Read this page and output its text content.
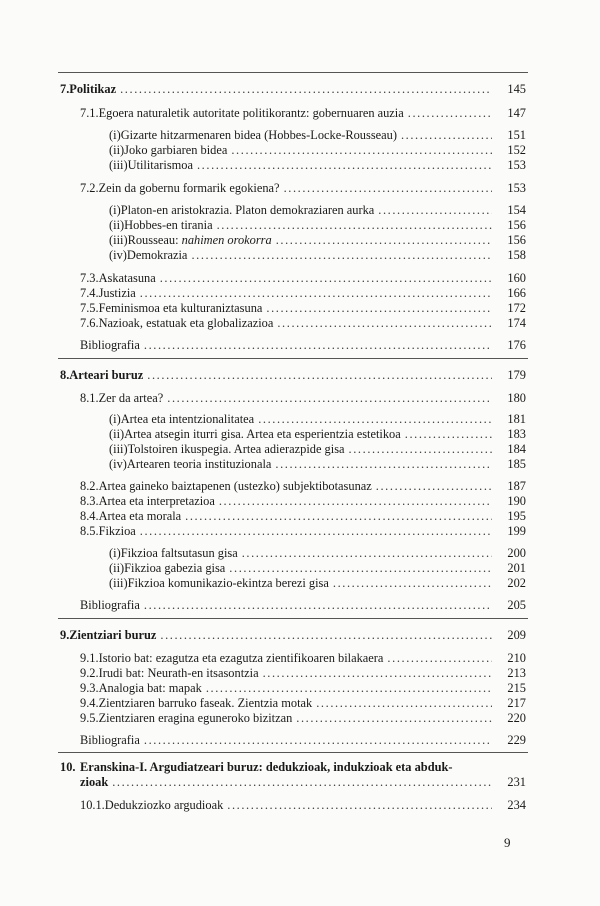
7. Politikaz .....	145
7.1. Egoera naturaletik autoritate politikorantz: gobernuaren auzia .....	147
(i) Gizarte hitzarmenaren bidea (Hobbes-Locke-Rousseau) .....	151
(ii) Joko garbiaren bidea .....	152
(iii) Utilitarismoa .....	153
7.2. Zein da gobernu formarik egokiena? .....	153
(i) Platon-en aristokrazia. Platon demokraziaren aurka .....	154
(ii) Hobbes-en tirania .....	156
(iii) Rousseau: nahimen orokorra .....	156
(iv) Demokrazia .....	158
7.3. Askatasuna .....	160
7.4. Justizia .....	166
7.5. Feminismoa eta kulturaniztasuna .....	172
7.6. Nazioak, estatuak eta globalizazioa .....	174
Bibliografia .....	176
8. Arteari buruz .....	179
8.1. Zer da artea? .....	180
(i) Artea eta intentzionalitatea .....	181
(ii) Artea atsegin iturri gisa. Artea eta esperientzia estetikoa .....	183
(iii) Tolstoiren ikuspegia. Artea adierazpide gisa .....	184
(iv) Artearen teoria instituzionala .....	185
8.2. Artea gaineko baiztapenen (ustezko) subjektibotasunaz .....	187
8.3. Artea eta interpretazioa .....	190
8.4. Artea eta morala .....	195
8.5. Fikzioa .....	199
(i) Fikzioa faltsutasun gisa .....	200
(ii) Fikzioa gabezia gisa .....	201
(iii) Fikzioa komunikazio-ekintza berezi gisa .....	202
Bibliografia .....	205
9. Zientziari buruz .....	209
9.1. Istorio bat: ezagutza eta ezagutza zientifikoaren bilakaera .....	210
9.2. Irudi bat: Neurath-en itsasontzia .....	213
9.3. Analogia bat: mapak .....	215
9.4. Zientziaren barruko faseak. Zientzia motak .....	217
9.5. Zientziaren eragina eguneroko bizitzan .....	220
Bibliografia .....	229
10. Eranskina-I. Argudiatzeari buruz: dedukzioak, indukzioak eta abduk-
zioak .....	231
10.1. Dedukziozko argudioak .....	234
9
